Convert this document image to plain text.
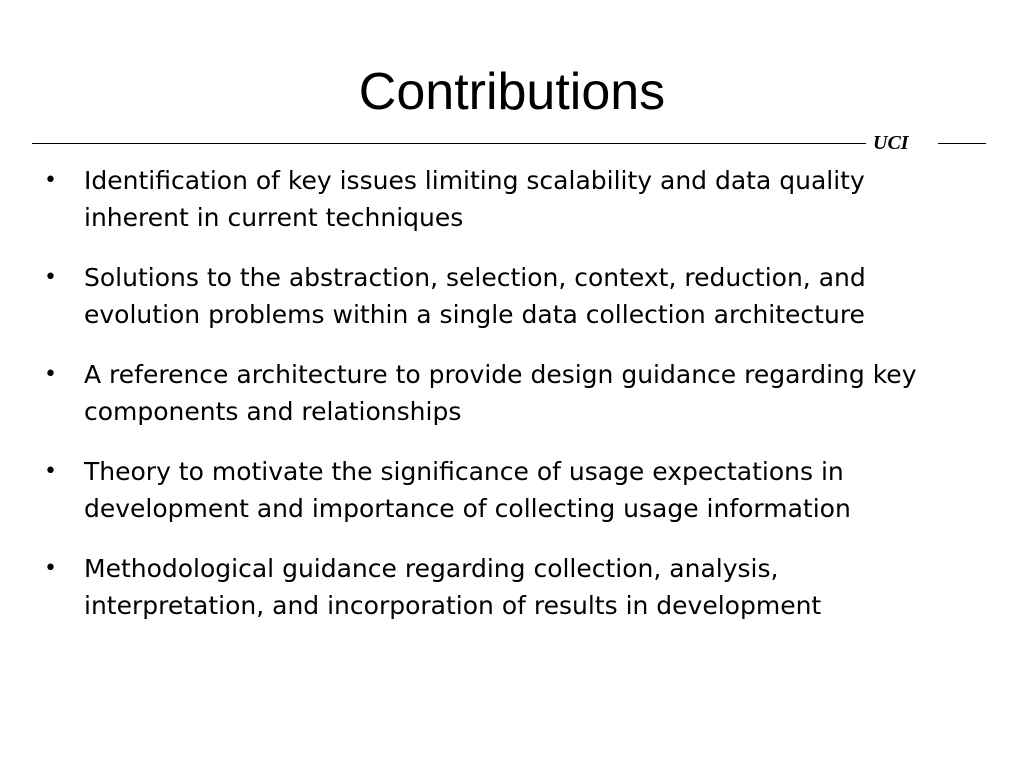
Contributions
UCI
• Identification of key issues limiting scalability and data quality inherent in current techniques
• Solutions to the abstraction, selection, context, reduction, and evolution problems within a single data collection architecture
• A reference architecture to provide design guidance regarding key components and relationships
• Theory to motivate the significance of usage expectations in development and importance of collecting usage information
• Methodological guidance regarding collection, analysis, interpretation, and incorporation of results in development
